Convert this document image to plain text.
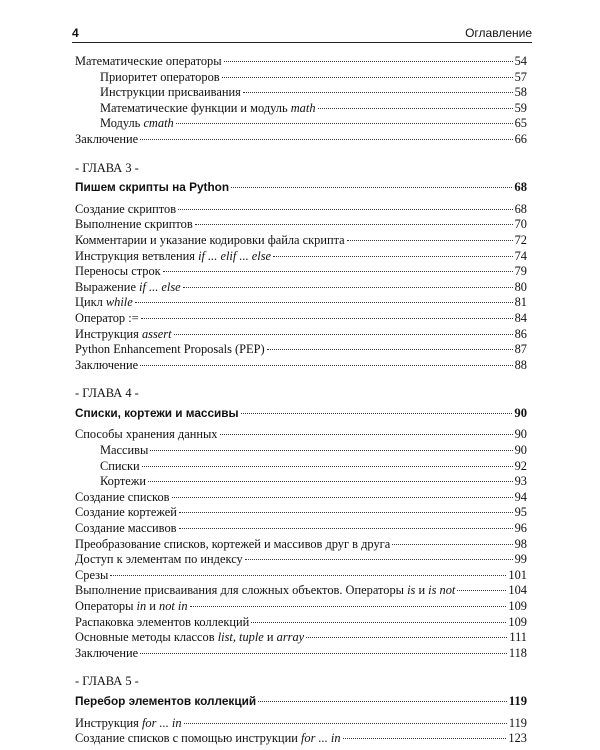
4	Оглавление
Математические операторы	54
Приоритет операторов	57
Инструкции присваивания	58
Математические функции и модуль math	59
Модуль cmath	65
Заключение	66
- ГЛАВА 3 -
Пишем скрипты на Python	68
Создание скриптов	68
Выполнение скриптов	70
Комментарии и указание кодировки файла скрипта	72
Инструкция ветвления if ... elif ... else	74
Переносы строк	79
Выражение if ... else	80
Цикл while	81
Оператор :=	84
Инструкция assert	86
Python Enhancement Proposals (PEP)	87
Заключение	88
- ГЛАВА 4 -
Списки, кортежи и массивы	90
Способы хранения данных	90
Массивы	90
Списки	92
Кортежи	93
Создание списков	94
Создание кортежей	95
Создание массивов	96
Преобразование списков, кортежей и массивов друг в друга	98
Доступ к элементам по индексу	99
Срезы	101
Выполнение присваивания для сложных объектов. Операторы is и is not	104
Операторы in и not in	109
Распаковка элементов коллекций	109
Основные методы классов list, tuple и array	111
Заключение	118
- ГЛАВА 5 -
Перебор элементов коллекций	119
Инструкция for ... in	119
Создание списков с помощью инструкции for ... in	123
